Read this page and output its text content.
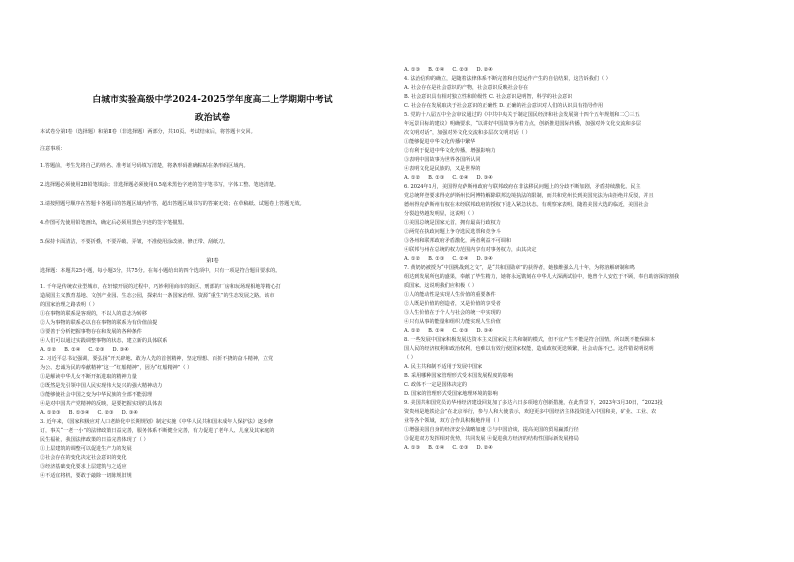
白城市实验高级中学2024-2025学年度高二上学期期中考试
政治试卷
本试卷分第Ⅰ卷（选择题）和第Ⅱ卷（非选择题）两部分，共10页。考试结束后，将答题卡交回。
注意事项：
1.答题前，考生先将自己的姓名、准考证号码填写清楚，将条形码准确粘贴在条形码区域内。
2.选择题必须使用2B铅笔填涂；非选择题必须使用0.5毫米黑色字迹的签字笔书写，字体工整、笔迹清楚。
3.请按照题号顺序在答题卡各题目的答题区域内作答，超出答题区域书写的答案无效；在草稿纸、试题卷上答题无效。
4.作图可先使用铅笔画出，确定后必须用黑色字迹的签字笔描黑。
5.保持卡面清洁，不要折叠，不要弄破、弄皱，不准使用涂改液、修正带、刮纸刀。
第Ⅰ卷
选择题：本题共25小题，每小题3分，共75分。在每小题给出的四个选项中，只有一项是符合题目要求的。
1. 千年是传统农业型城市，在轩辕开展的过程中，巧妙利用商市的街区、刑部的厂房和玩场现相地等精心打
造展国主义教育基地、文创产业园、生态公园，探索出一条国家治理、资源“重生”的生态发展之路。该市
的国家治理之路表明（ ）
①在事物的联系是客观的，不以人的意志为转移
②人为事物的联系必以自在事物的联系为有价值前提
③要善于分析把握事物存在和发展的各种条件
④人们可以通过实践调整事物的状态，建立新的具体联系
A. ①②     B. ①④     C. ②③     D. ③④
2. 习近平总书记强调，要弘扬“开天辟地、敢为人先的首创精神，坚定理想、百折不挠的奋斗精神，立党
为公、忠诚为民的奉献精神”这一“红船精神”，因为“红船精神”（ ）
①是解读中华儿女不断开拓进取的精神力量
②既然是先引领中国人民实现伟大复兴的强大精神动力
③能够使社会中国之变为中华民族的全部不能弱理
④是对中国共产党精神的反映，是要把握实现的具体表
A. ①②③     B. ①③④     C. ②③     D. ③④
3. 近年来，《国家积极应对人口老龄化中长期规划》制定实施《中华人民共和国未成年人保护法》逐步修
订，事关“一老一小”的法律政策日益完善，服务体系不断健全完善，有力促进了老年人、儿童及其家庭的
民生福祉，我国法律政策的日益完善体现了（ ）
①上层建筑的调整可以促进生产力的发展
②社会存在的变化决定社会意识的变化
③经济基础变化要求上层建筑与之适应
④不适宜将机，要敢于敲除一切陈规旧规
A. ①③     B. ①④     C. ②③     D. ②④
4. 法治信仰的确立，是随着法律体系不断完善和自觉运作产生的自信结果，这告诉我们（ ）
A. 社会存在是社会意识的产物，社会意识反映社会存在
B. 社会意识具有相对独立性和阶级性 C. 社会意识是明智，科学的社会意识
C. 社会存在发展取决于社会意识的正确性 D. 正确的社会意识对人们的认识具有指导作用
5. 党的十八届五中全会审议通过的《中共中央关于制定国民经济和社会发展第十四个五年规划和二〇三五
年远景目标的建议》明确要求，“以讲好中国故事为着力点，创新推进国际传播，加强对外文化交流和多层
次文明对话”，加强对外文化交流和多层次文明对话（ ）
①能够促进中华文化传播中繁华
②有利于促进中华文化传播，增强影响力
③表明中国故事为世界各国所认同
④表明文化是民族的，又是世界的
A. ①②     B. ①③     C. ②④     D. ③④
6. 2024年1月，美国得克萨斯州政府与联邦政府在非法移民问题上的分歧不断加剧，矛盾持续激化。民主
党总统拜登要求得克萨斯州长阿博特解除联邦边境执法的限制，而共和党州长到美国宪法为由拒绝并反驳，并且
德州得克萨斯州有权在未经联邦政府的授权下进入紧急状态。有观察家表明，随着美国大选的临近，美国社会
分裂趋势越发明显，这说明（ ）
①美国总统是国家元首，拥有最高行政权力
②两党在执政问题上争夺选民选票和竞争斗
③各州和联邦政府矛盾激化，两者利益不可调和
④联邦与州在总统的权力范围内享有对事务权力，由其决定
A. ①②     B. ①③     C. ②④     D. ③④
7. 黄奶奶被授为“中国挑战到之文”，是“共和国勋章”的获得者，她独维强么几十年，为将溶解研制和鸣
组达到发展所包的盛果，奉献了毕生精力，她将永远镌刻在中华儿大深满试验中，他曾个人安危于不顾，奉自助溶深溶割我
质国家。这说明我们应积极（ ）
①人的能动性是实现人生价值的重要条件
②人既是价值的创造者，又是价值的享受者
③人生价值在于个人与社会的统一中实现的
④只有从事的能量和组织力能实现人生价值
A. ①②     B. ①④     C. ②③     D. ③④
8. 一些发展中国家积极发展达资本主义国家民主共和制的模式，但不宜产生不能是符合国情，所以既不能保障本
国人民的经济权利和政治权利，也难以有效行使国家权能，造成政权更迭频繁，社会动荡不已。这件错说明说明
（ ）
A. 民主共和制不适用于发展中国家
B. 采用哪种国家管理形式受本国发展程度的影响
C. 政体不一定是国体决定的
D. 国家的管理形式受国家地理环境的影响
9. 美国共和国党员访华州经济建设回复加了多达六日多项地方创新措施，在此背景下，2023年3月30日，“2023投
资贵州是地铁论会”在北京举行，参与人和大使表示，欢迎更多中国经济主体投资进入中国和美，矿业、工业、农
业等各个领域，双方合作具积极地作用（ ）
①增强美国自身的经济安全战略加速 ②与中国洽谈，提高美国的贸易赢派行径
③促进双方发挥相对优势，共同发展 ④促进我方经济的结构性国际新发展格局
A. ①③     B. ①④     C. ②③     D. ②④
